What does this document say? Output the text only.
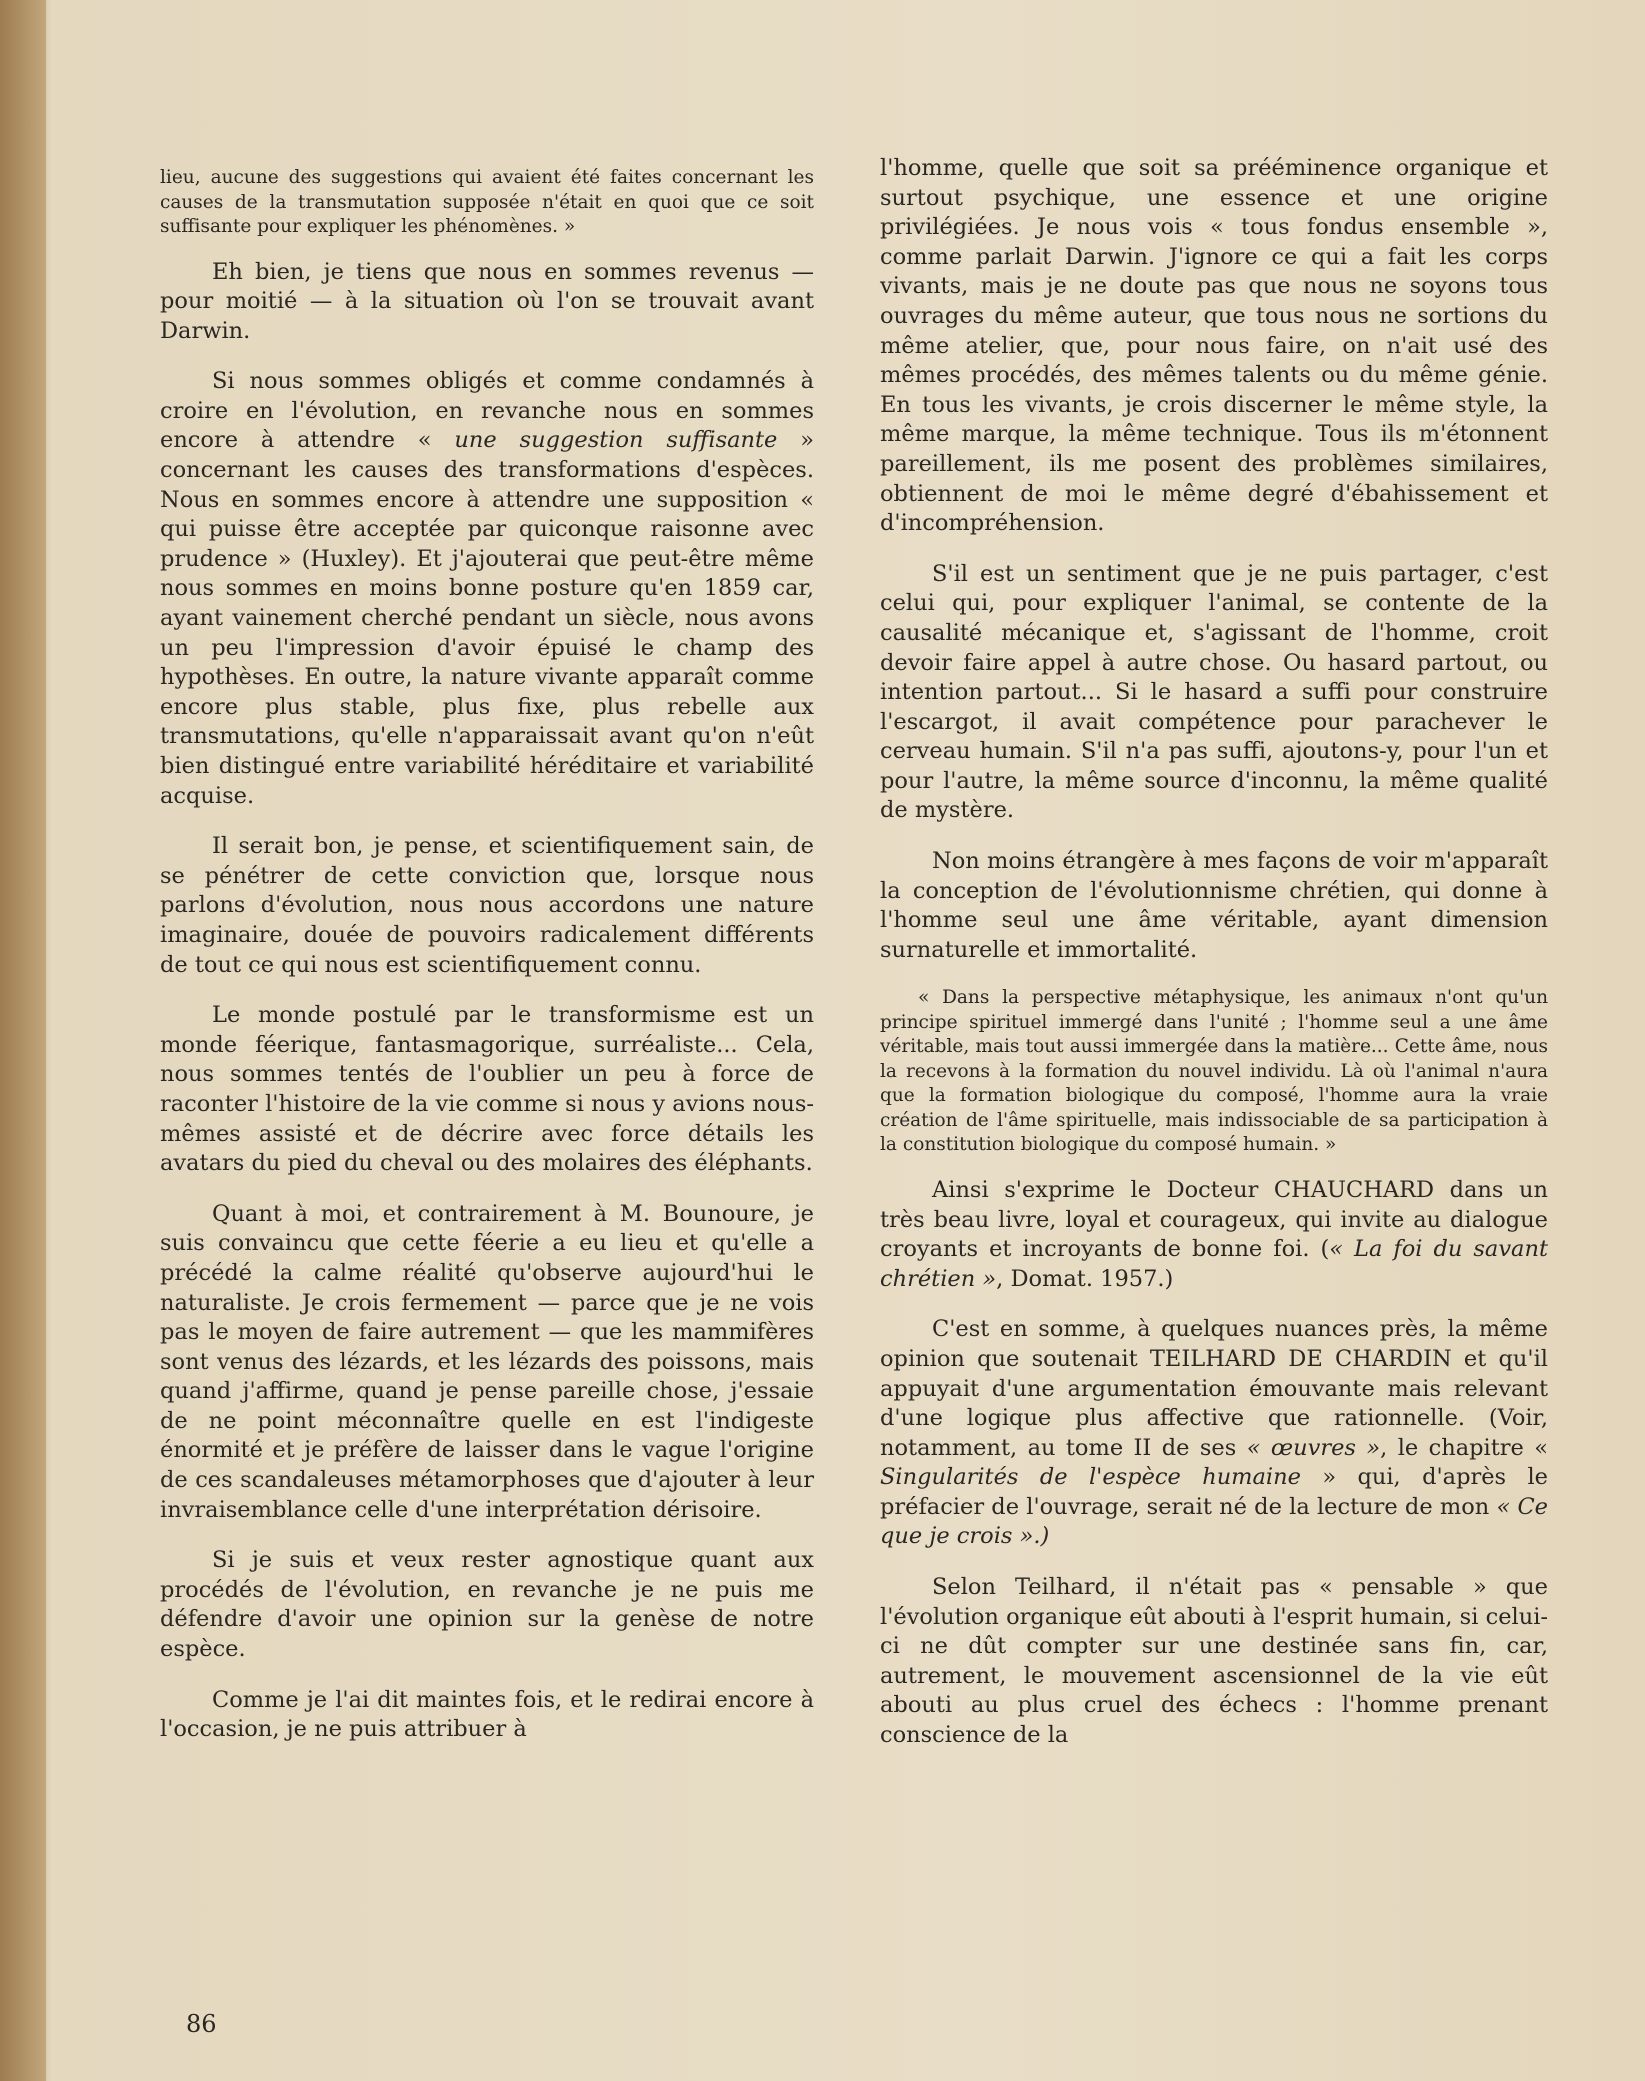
lieu, aucune des suggestions qui avaient été faites concernant les causes de la transmutation supposée n'était en quoi que ce soit suffisante pour expliquer les phénomènes. »

Eh bien, je tiens que nous en sommes revenus — pour moitié — à la situation où l'on se trouvait avant Darwin.

Si nous sommes obligés et comme condamnés à croire en l'évolution, en revanche nous en sommes encore à attendre « une suggestion suffisante » concernant les causes des transformations d'espèces. Nous en sommes encore à attendre une supposition « qui puisse être acceptée par quiconque raisonne avec prudence » (Huxley). Et j'ajouterai que peut-être même nous sommes en moins bonne posture qu'en 1859 car, ayant vainement cherché pendant un siècle, nous avons un peu l'impression d'avoir épuisé le champ des hypothèses. En outre, la nature vivante apparaît comme encore plus stable, plus fixe, plus rebelle aux transmutations, qu'elle n'apparaissait avant qu'on n'eût bien distingué entre variabilité héréditaire et variabilité acquise.

Il serait bon, je pense, et scientifiquement sain, de se pénétrer de cette conviction que, lorsque nous parlons d'évolution, nous nous accordons une nature imaginaire, douée de pouvoirs radicalement différents de tout ce qui nous est scientifiquement connu.

Le monde postulé par le transformisme est un monde féerique, fantasmagorique, surréaliste... Cela, nous sommes tentés de l'oublier un peu à force de raconter l'histoire de la vie comme si nous y avions nous-mêmes assisté et de décrire avec force détails les avatars du pied du cheval ou des molaires des éléphants.

Quant à moi, et contrairement à M. Bounoure, je suis convaincu que cette féerie a eu lieu et qu'elle a précédé la calme réalité qu'observe aujourd'hui le naturaliste. Je crois fermement — parce que je ne vois pas le moyen de faire autrement — que les mammifères sont venus des lézards, et les lézards des poissons, mais quand j'affirme, quand je pense pareille chose, j'essaie de ne point méconnaître quelle en est l'indigeste énormité et je préfère de laisser dans le vague l'origine de ces scandaleuses métamorphoses que d'ajouter à leur invraisemblance celle d'une interprétation dérisoire.

Si je suis et veux rester agnostique quant aux procédés de l'évolution, en revanche je ne puis me défendre d'avoir une opinion sur la genèse de notre espèce.

Comme je l'ai dit maintes fois, et le redirai encore à l'occasion, je ne puis attribuer à

l'homme, quelle que soit sa prééminence organique et surtout psychique, une essence et une origine privilégiées. Je nous vois « tous fondus ensemble », comme parlait Darwin. J'ignore ce qui a fait les corps vivants, mais je ne doute pas que nous ne soyons tous ouvrages du même auteur, que tous nous ne sortions du même atelier, que, pour nous faire, on n'ait usé des mêmes procédés, des mêmes talents ou du même génie. En tous les vivants, je crois discerner le même style, la même marque, la même technique. Tous ils m'étonnent pareillement, ils me posent des problèmes similaires, obtiennent de moi le même degré d'ébahissement et d'incompréhension.

S'il est un sentiment que je ne puis partager, c'est celui qui, pour expliquer l'animal, se contente de la causalité mécanique et, s'agissant de l'homme, croit devoir faire appel à autre chose. Ou hasard partout, ou intention partout... Si le hasard a suffi pour construire l'escargot, il avait compétence pour parachever le cerveau humain. S'il n'a pas suffi, ajoutons-y, pour l'un et pour l'autre, la même source d'inconnu, la même qualité de mystère.

Non moins étrangère à mes façons de voir m'apparaît la conception de l'évolutionnisme chrétien, qui donne à l'homme seul une âme véritable, ayant dimension surnaturelle et immortalité.

« Dans la perspective métaphysique, les animaux n'ont qu'un principe spirituel immergé dans l'unité ; l'homme seul a une âme véritable, mais tout aussi immergée dans la matière... Cette âme, nous la recevons à la formation du nouvel individu. Là où l'animal n'aura que la formation biologique du composé, l'homme aura la vraie création de l'âme spirituelle, mais indissociable de sa participation à la constitution biologique du composé humain. »

Ainsi s'exprime le Docteur CHAUCHARD dans un très beau livre, loyal et courageux, qui invite au dialogue croyants et incroyants de bonne foi. (« La foi du savant chrétien », Domat. 1957.)

C'est en somme, à quelques nuances près, la même opinion que soutenait TEILHARD DE CHARDIN et qu'il appuyait d'une argumentation émouvante mais relevant d'une logique plus affective que rationnelle. (Voir, notamment, au tome II de ses « œuvres », le chapitre « Singularités de l'espèce humaine » qui, d'après le préfacier de l'ouvrage, serait né de la lecture de mon « Ce que je crois ».)

Selon Teilhard, il n'était pas « pensable » que l'évolution organique eût abouti à l'esprit humain, si celui-ci ne dût compter sur une destinée sans fin, car, autrement, le mouvement ascensionnel de la vie eût abouti au plus cruel des échecs : l'homme prenant conscience de la

86
